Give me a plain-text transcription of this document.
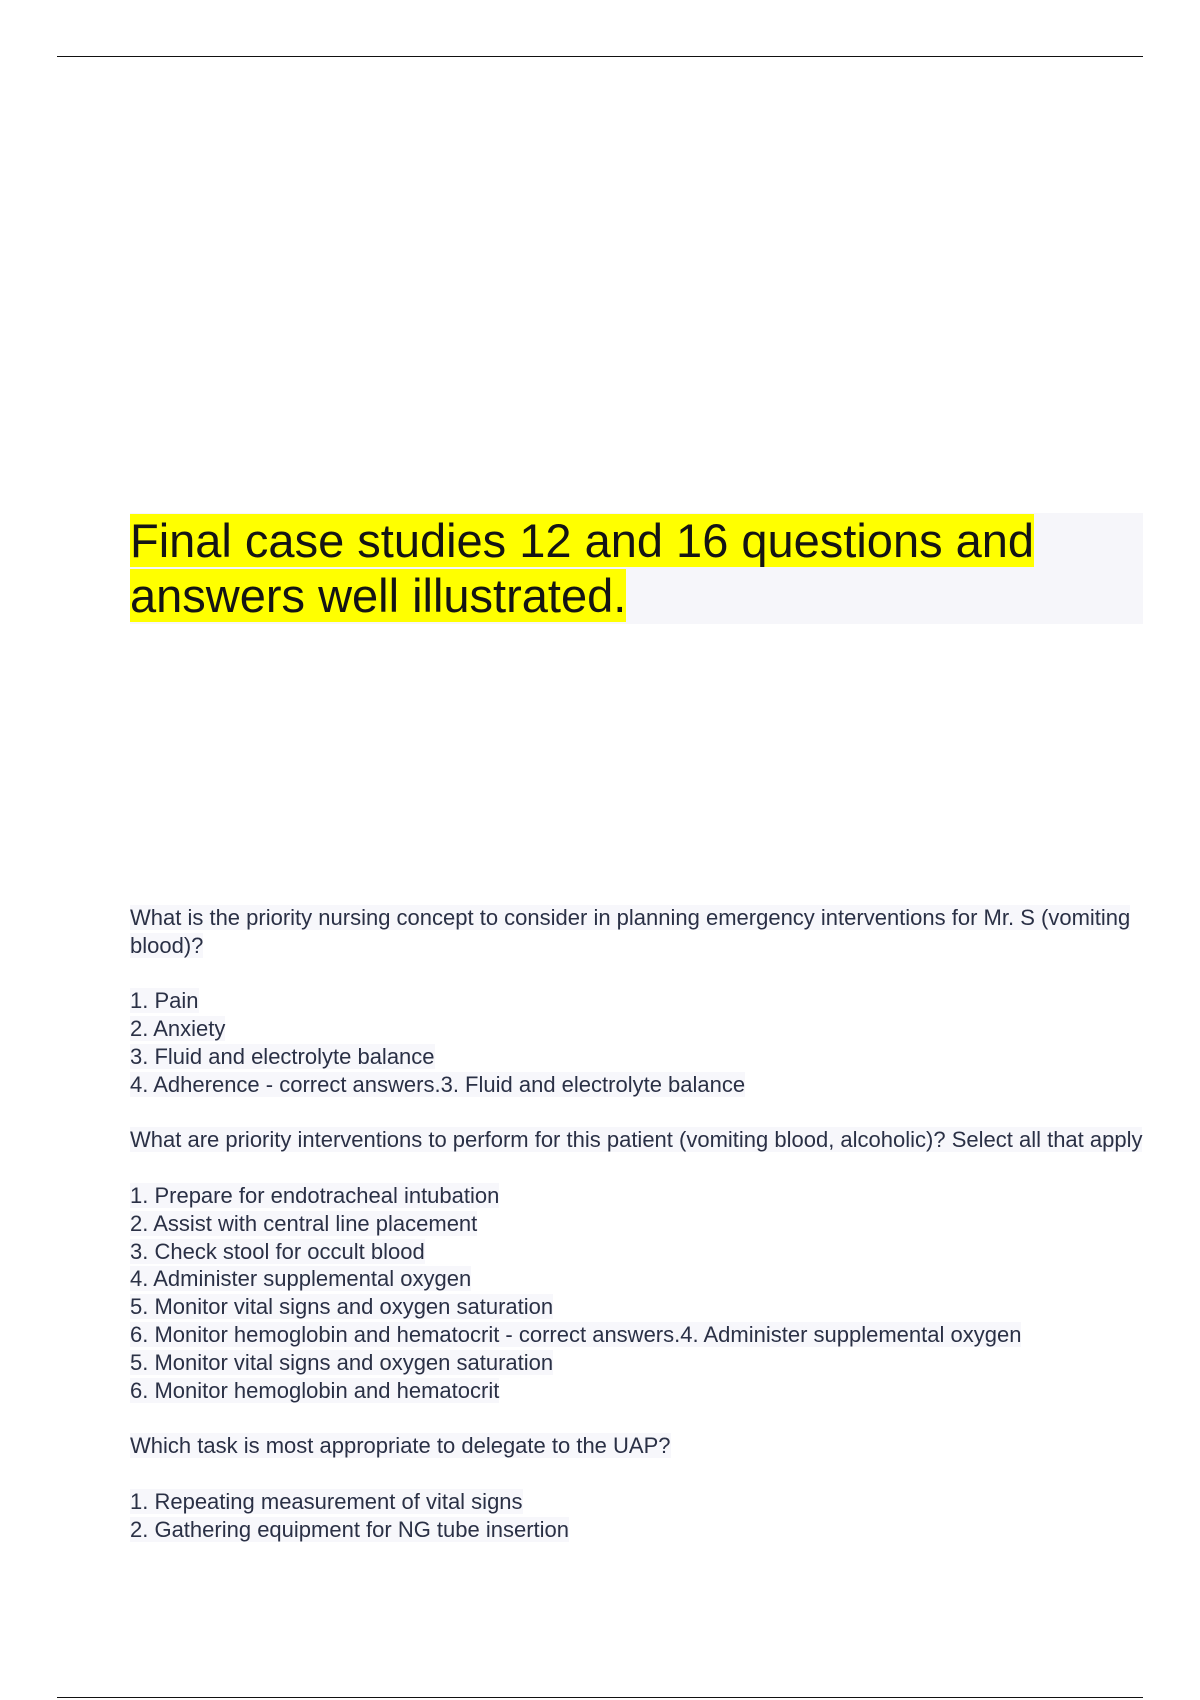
Final case studies 12 and 16 questions and answers well illustrated.

What is the priority nursing concept to consider in planning emergency interventions for Mr. S (vomiting blood)?

1. Pain

2. Anxiety

3. Fluid and electrolyte balance

4. Adherence - correct answers.3. Fluid and electrolyte balance

What are priority interventions to perform for this patient (vomiting blood, alcoholic)? Select all that apply

1. Prepare for endotracheal intubation

2. Assist with central line placement

3. Check stool for occult blood

4. Administer supplemental oxygen

5. Monitor vital signs and oxygen saturation

6. Monitor hemoglobin and hematocrit - correct answers.4. Administer supplemental oxygen

5. Monitor vital signs and oxygen saturation

6. Monitor hemoglobin and hematocrit

Which task is most appropriate to delegate to the UAP?

1. Repeating measurement of vital signs

2. Gathering equipment for NG tube insertion
